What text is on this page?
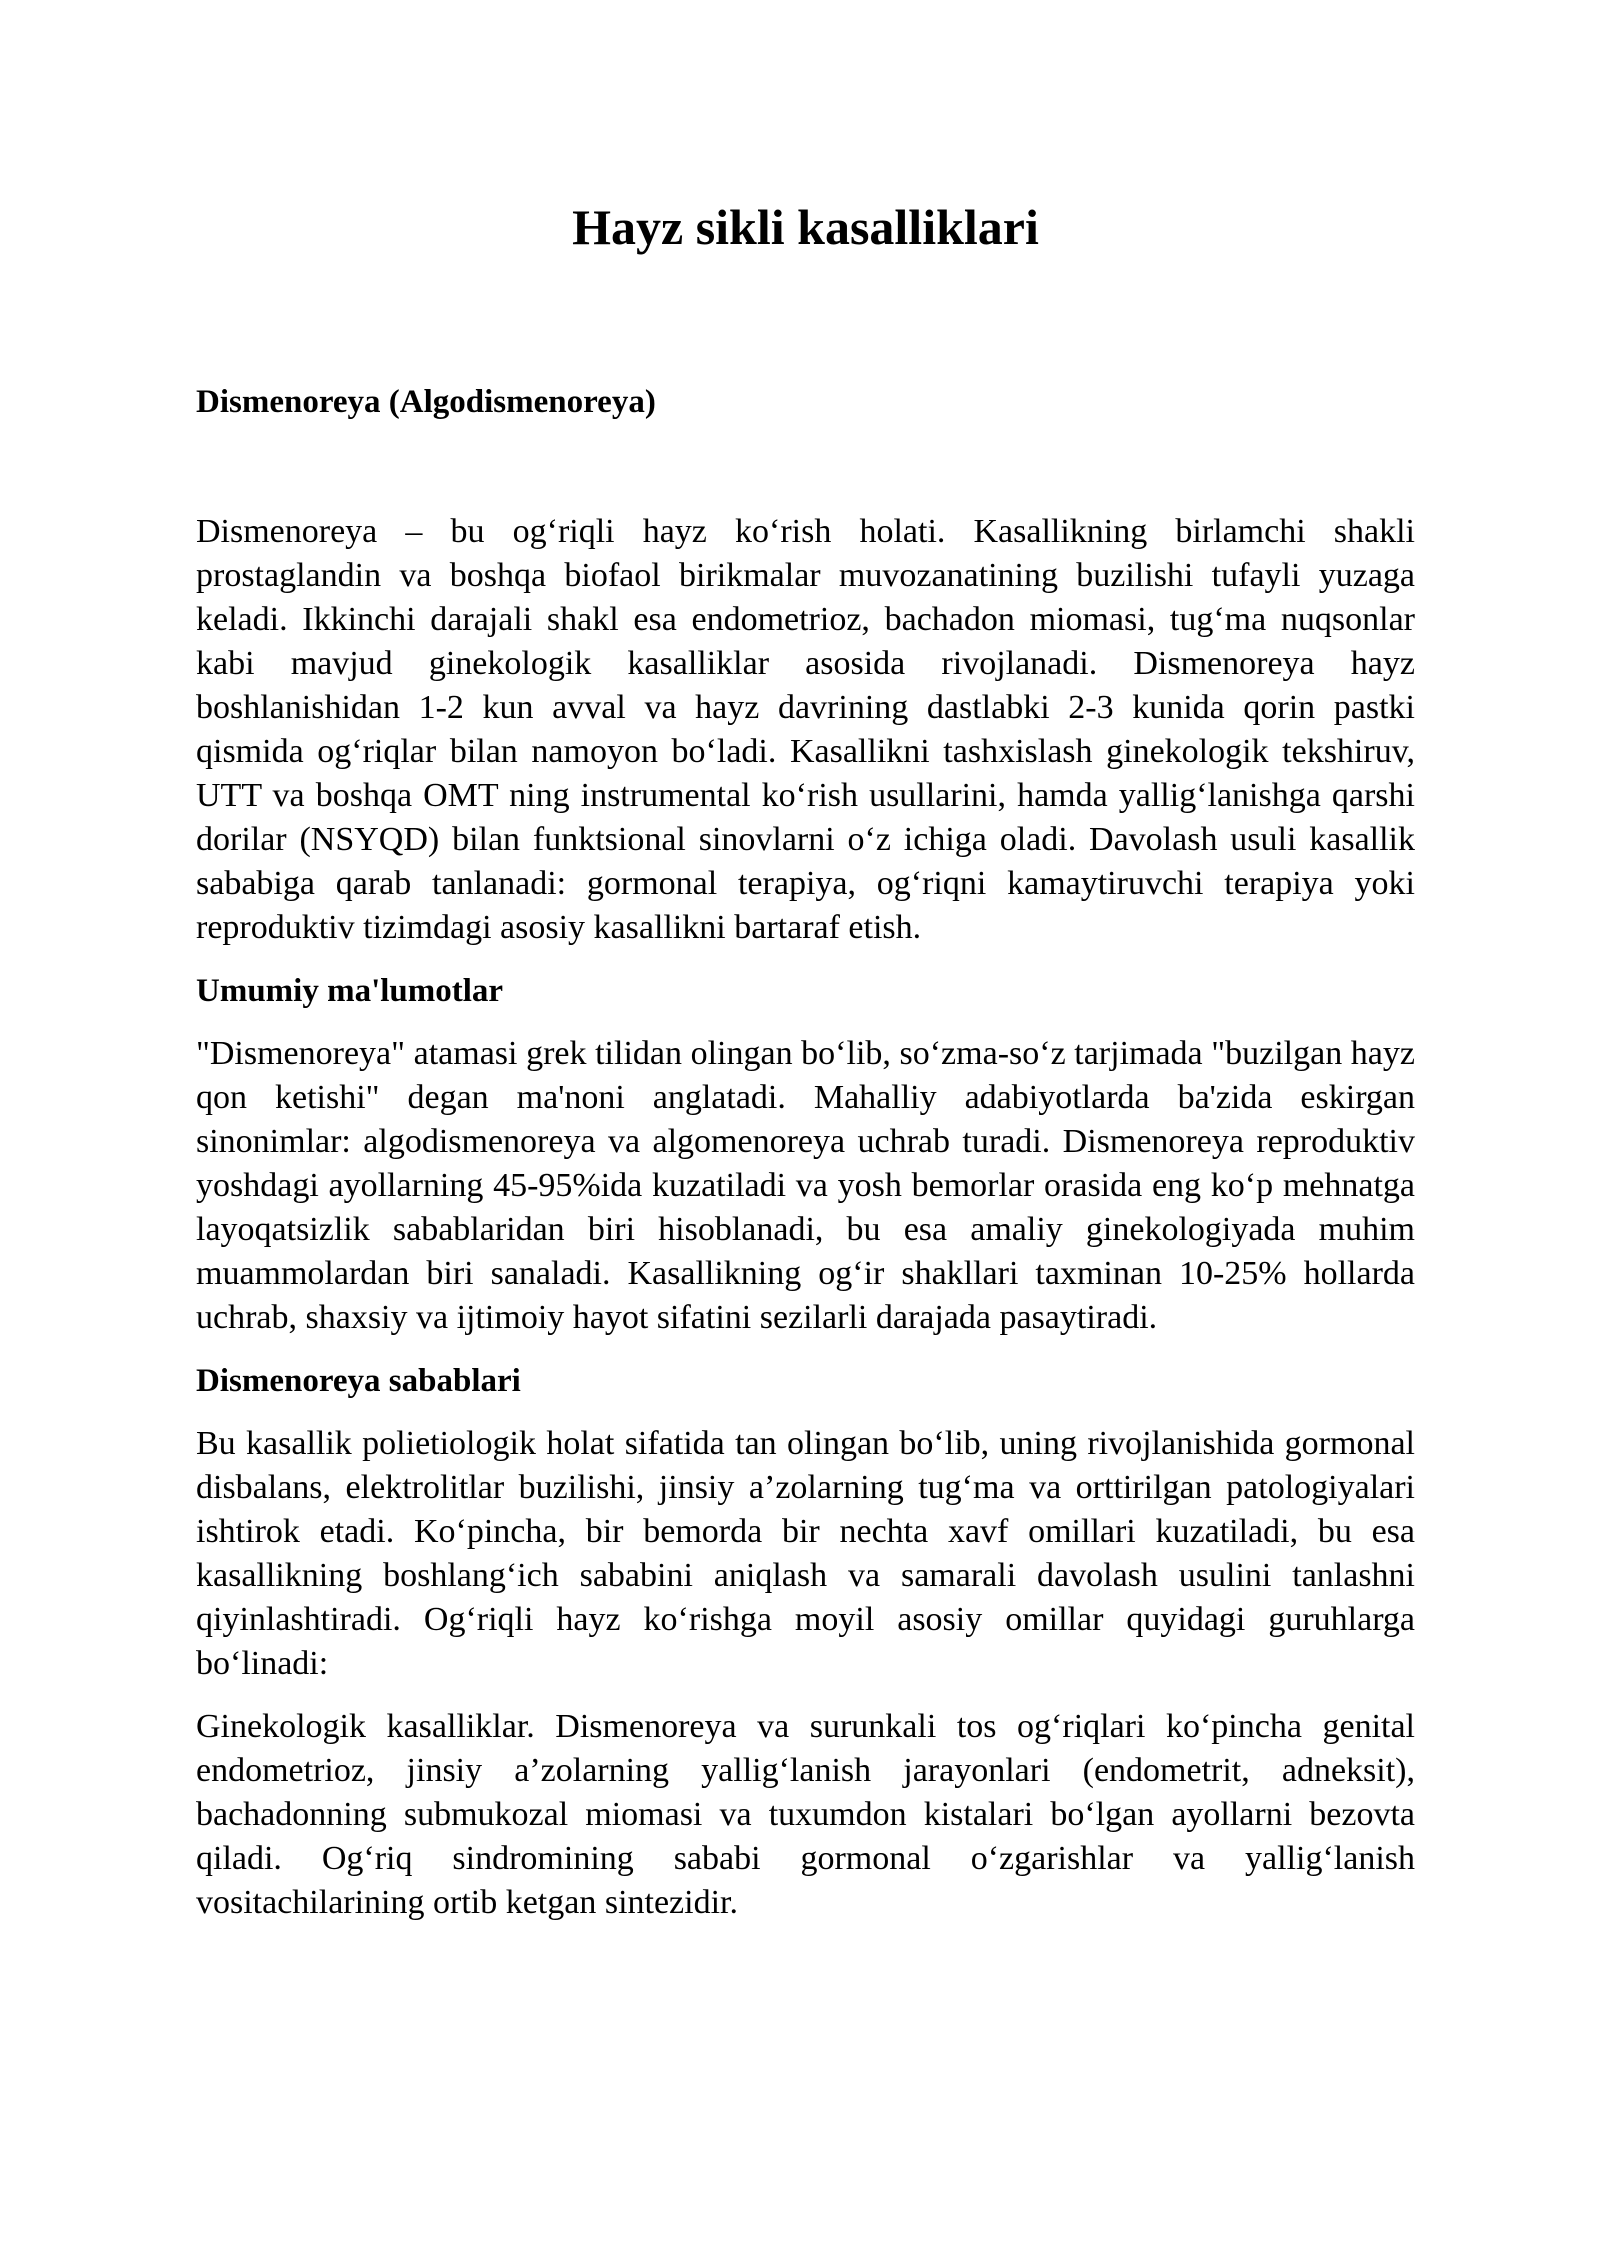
Hayz sikli kasalliklari
Dismenoreya (Algodismenoreya)

Dismenoreya – bu og‘riqli hayz ko‘rish holati. Kasallikning birlamchi shakli prostaglandin va boshqa biofaol birikmalar muvozanatining buzilishi tufayli yuzaga keladi. Ikkinchi darajali shakl esa endometrioz, bachadon miomasi, tug‘ma nuqsonlar kabi mavjud ginekologik kasalliklar asosida rivojlanadi. Dismenoreya hayz boshlanishidan 1-2 kun avval va hayz davrining dastlabki 2-3 kunida qorin pastki qismida og‘riqlar bilan namoyon bo‘ladi. Kasallikni tashxislash ginekologik tekshiruv, UTT va boshqa OMT ning instrumental ko‘rish usullarini, hamda yallig‘lanishga qarshi dorilar (NSYQD) bilan funktsional sinovlarni o‘z ichiga oladi. Davolash usuli kasallik sababiga qarab tanlanadi: gormonal terapiya, og‘riqni kamaytiruvchi terapiya yoki reproduktiv tizimdagi asosiy kasallikni bartaraf etish.

Umumiy ma'lumotlar

"Dismenoreya" atamasi grek tilidan olingan bo‘lib, so‘zma-so‘z tarjimada "buzilgan hayz qon ketishi" degan ma'noni anglatadi. Mahalliy adabiyotlarda ba'zida eskirgan sinonimlar: algodismenoreya va algomenoreya uchrab turadi. Dismenoreya reproduktiv yoshdagi ayollarning 45-95%ida kuzatiladi va yosh bemorlar orasida eng ko‘p mehnatga layoqatsizlik sabablaridan biri hisoblanadi, bu esa amaliy ginekologiyada muhim muammolardan biri sanaladi. Kasallikning og‘ir shakllari taxminan 10-25% hollarda uchrab, shaxsiy va ijtimoiy hayot sifatini sezilarli darajada pasaytiradi.

Dismenoreya sabablari

Bu kasallik polietiologik holat sifatida tan olingan bo‘lib, uning rivojlanishida gormonal disbalans, elektrolitlar buzilishi, jinsiy a’zolarning tug‘ma va orttirilgan patologiyalari ishtirok etadi. Ko‘pincha, bir bemorda bir nechta xavf omillari kuzatiladi, bu esa kasallikning boshlang‘ich sababini aniqlash va samarali davolash usulini tanlashni qiyinlashtiradi. Og‘riqli hayz ko‘rishga moyil asosiy omillar quyidagi guruhlarga bo‘linadi:

Ginekologik kasalliklar. Dismenoreya va surunkali tos og‘riqlari ko‘pincha genital endometrioz, jinsiy a’zolarning yallig‘lanish jarayonlari (endometrit, adneksit), bachadonning submukozal miomasi va tuxumdon kistalari bo‘lgan ayollarni bezovta qiladi. Og‘riq sindromining sababi gormonal o‘zgarishlar va yallig‘lanish vositachilarining ortib ketgan sintezidir.
